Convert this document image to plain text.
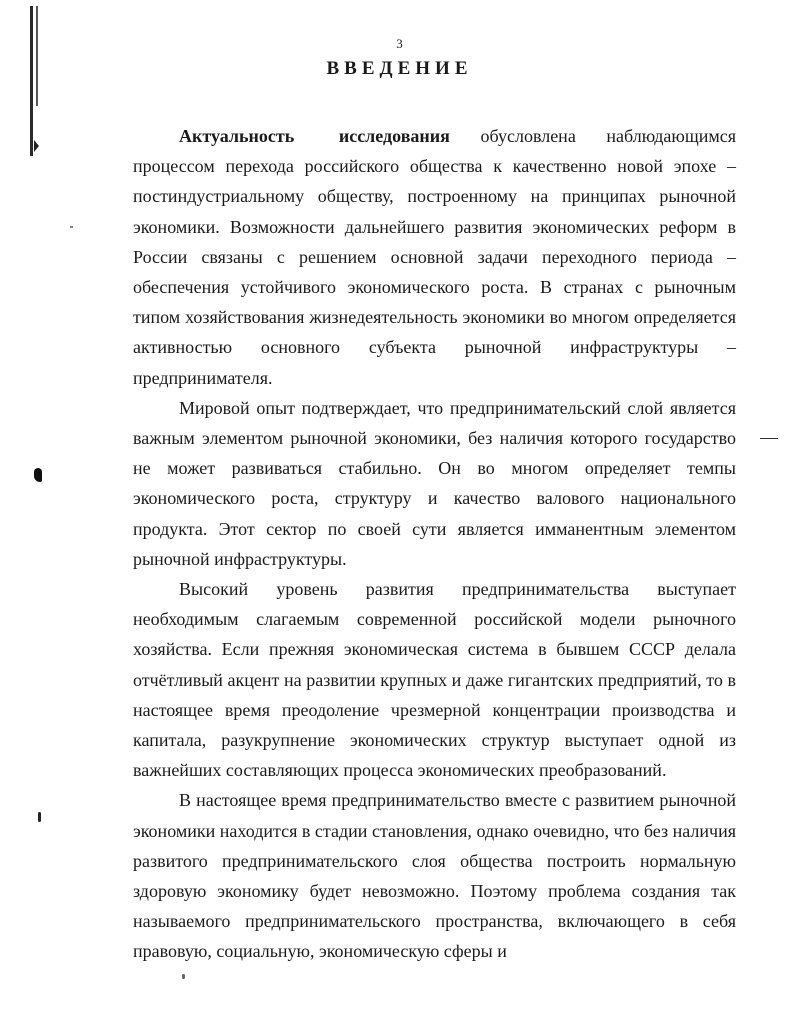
3
ВВЕДЕНИЕ

Актуальность исследования обусловлена наблюдающимся процессом перехода российского общества к качественно новой эпохе – постиндустриальному обществу, построенному на принципах рыночной экономики. Возможности дальнейшего развития экономических реформ в России связаны с решением основной задачи переходного периода – обеспечения устойчивого экономического роста. В странах с рыночным типом хозяйствования жизнедеятельность экономики во многом определяется активностью основного субъекта рыночной инфраструктуры – предпринимателя.

Мировой опыт подтверждает, что предпринимательский слой является важным элементом рыночной экономики, без наличия которого государство не может развиваться стабильно. Он во многом определяет темпы экономического роста, структуру и качество валового национального продукта. Этот сектор по своей сути является имманентным элементом рыночной инфраструктуры.

Высокий уровень развития предпринимательства выступает необходимым слагаемым современной российской модели рыночного хозяйства. Если прежняя экономическая система в бывшем СССР делала отчётливый акцент на развитии крупных и даже гигантских предприятий, то в настоящее время преодоление чрезмерной концентрации производства и капитала, разукрупнение экономических структур выступает одной из важнейших составляющих процесса экономических преобразований.

В настоящее время предпринимательство вместе с развитием рыночной экономики находится в стадии становления, однако очевидно, что без наличия развитого предпринимательского слоя общества построить нормальную здоровую экономику будет невозможно. Поэтому проблема создания так называемого предпринимательского пространства, включающего в себя правовую, социальную, экономическую сферы и
